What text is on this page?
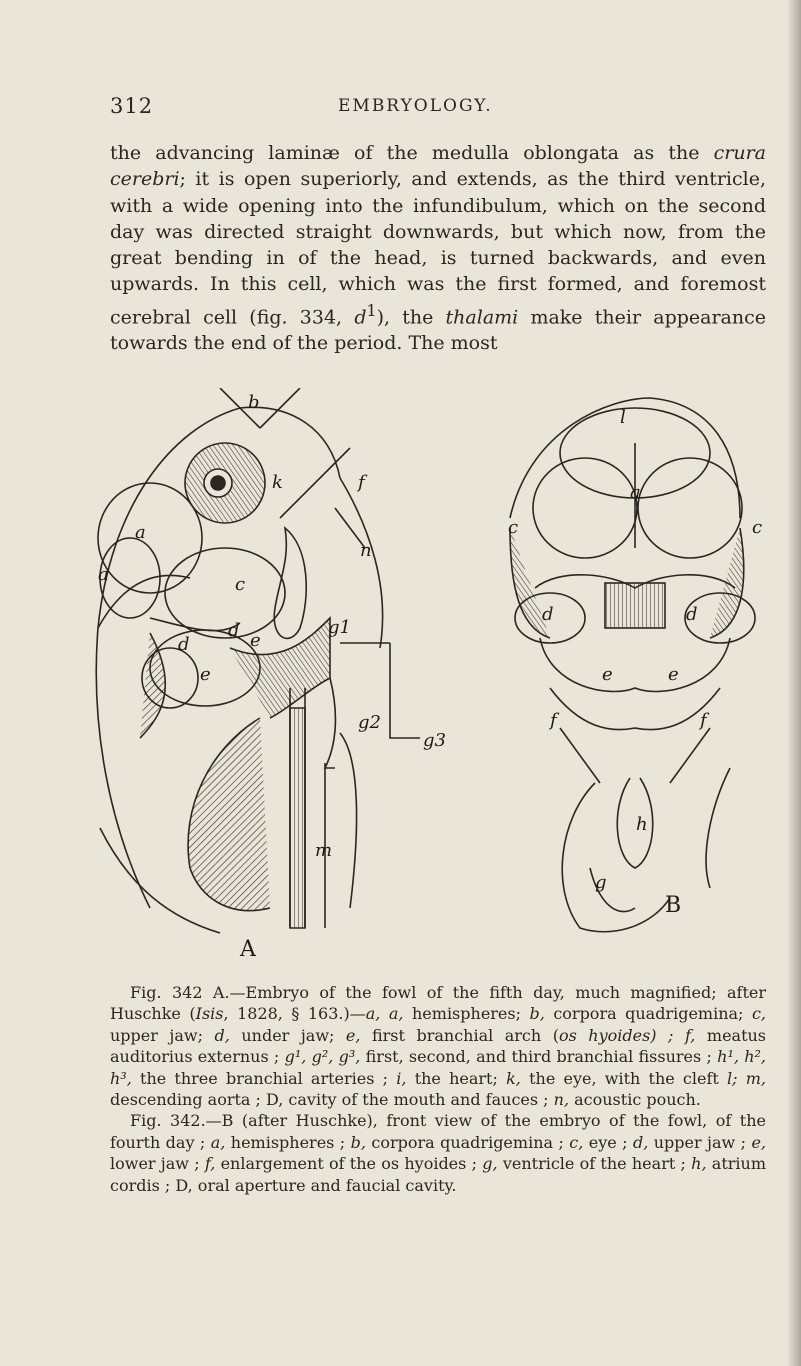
312	EMBRYOLOGY.
the advancing laminæ of the medulla oblongata as the crura cerebri; it is open superiorly, and extends, as the third ventricle, with a wide opening into the infundibulum, which on the second day was directed straight downwards, but which now, from the great bending in of the head, is turned backwards, and even upwards. In this cell, which was the first formed, and foremost cerebral cell (fig. 334, $d^1$), the thalami make their appearance towards the end of the period. The most
b
k	f
a
a
n
c
d
d	e
e
g1
g2
g3
m
A
l
a
c	c
d	d
e	e
f	f
h
g
B

Fig. 342 A.—Embryo of the fowl of the fifth day, much magnified; after Huschke (Isis, 1828, § 163.)—a, a, hemispheres; b, corpora quadrigemina; c, upper jaw; d, under jaw; e, first branchial arch (os hyoides) ; f, meatus auditorius externus ; g¹, g², g³, first, second, and third branchial fissures ; h¹, h², h³, the three branchial arteries ; i, the heart; k, the eye, with the cleft l; m, descending aorta ; D, cavity of the mouth and fauces ; n, acoustic pouch.

Fig. 342.—B (after Huschke), front view of the embryo of the fowl, of the fourth day ; a, hemispheres ; b, corpora quadrigemina ; c, eye ; d, upper jaw ; e, lower jaw ; f, enlargement of the os hyoides ; g, ventricle of the heart ; h, atrium cordis ; D, oral aperture and faucial cavity.
